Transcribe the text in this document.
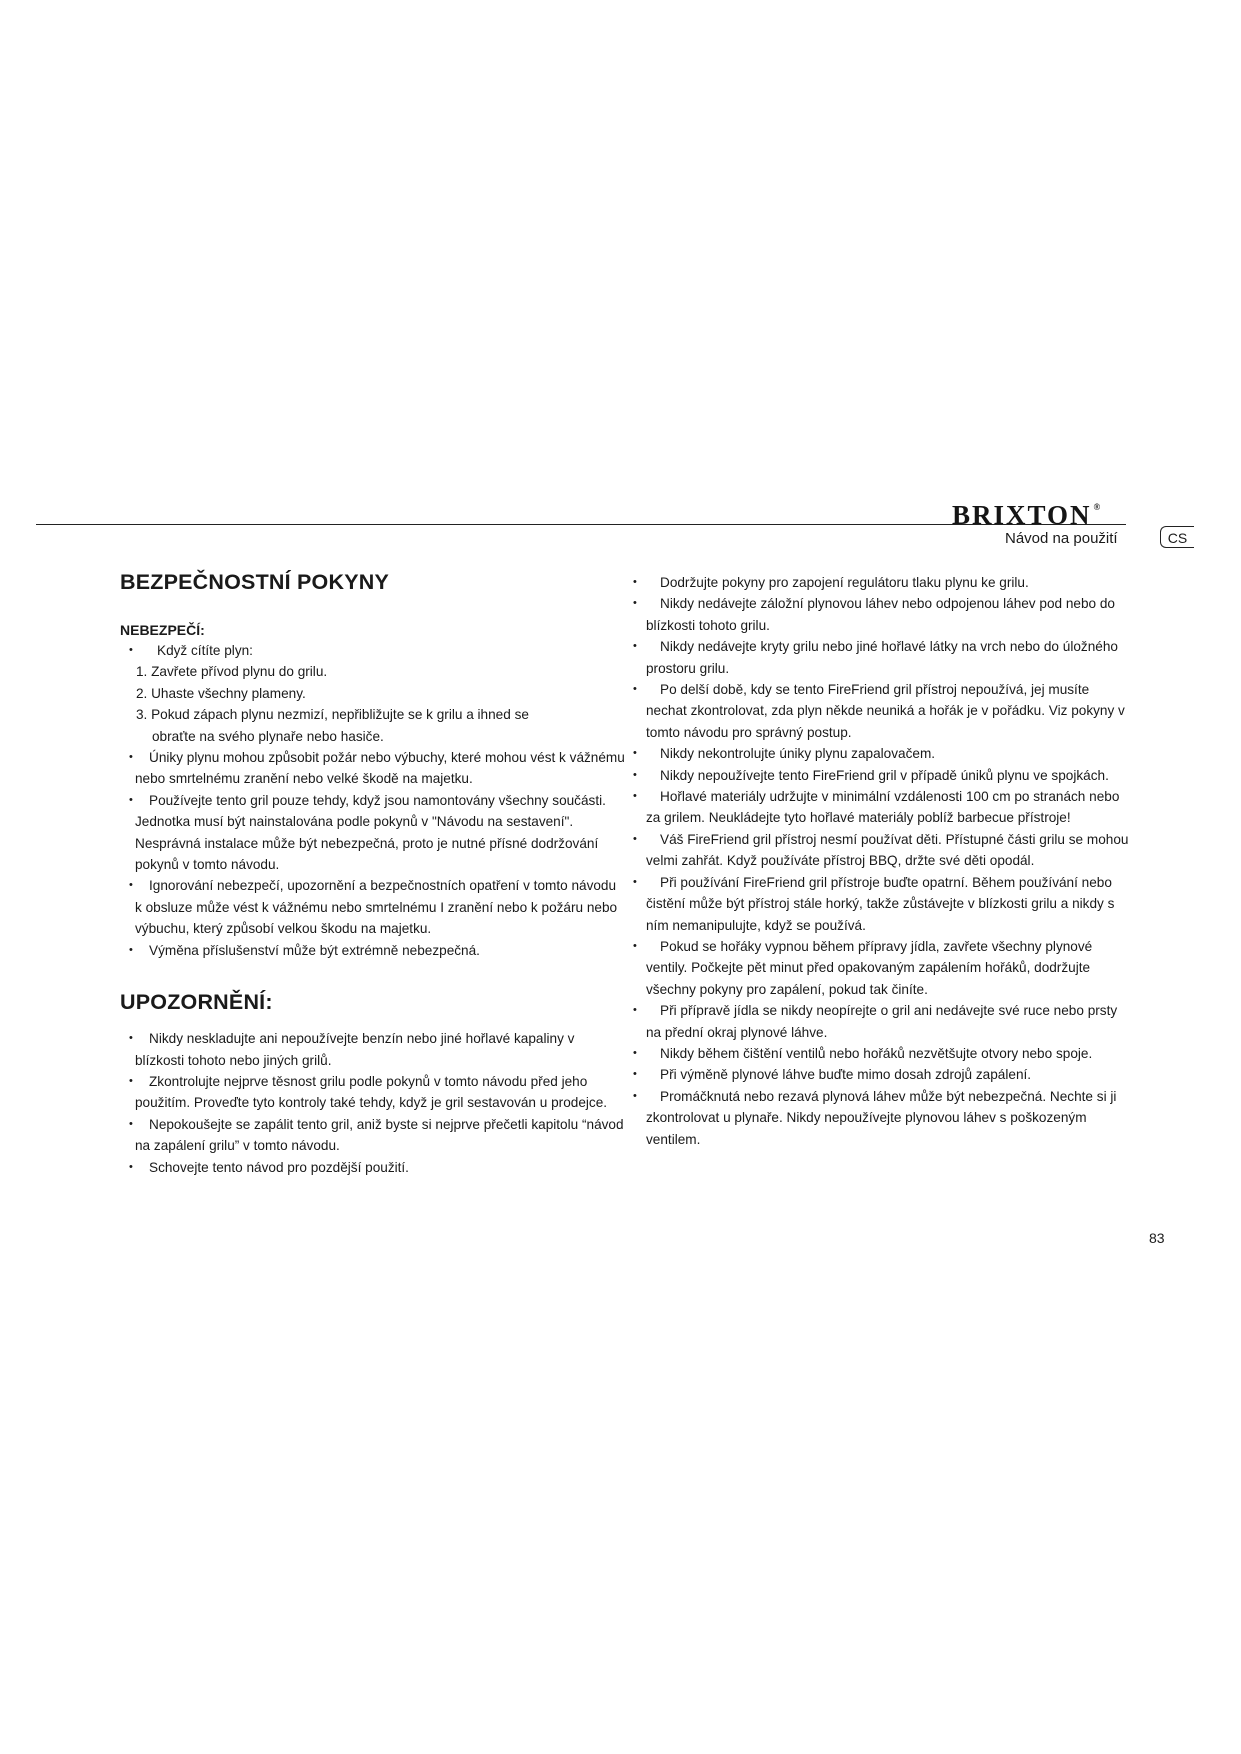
BRIXTON ®
Návod na použití	CS
BEZPEČNOSTNÍ POKYNY
NEBEZPEČÍ:
• Když cítíte plyn:
1. Zavřete přívod plynu do grilu.
2. Uhaste všechny plameny.
3. Pokud zápach plynu nezmizí, nepřibližujte se k grilu a ihned se
obraťte na svého plynaře nebo hasiče.
• Úniky plynu mohou způsobit požár nebo výbuchy, které mohou vést k vážnému nebo smrtelnému zranění nebo velké škodě na majetku.
• Používejte tento gril pouze tehdy, když jsou namontovány všechny součásti. Jednotka musí být nainstalována podle pokynů v "Návodu na sestavení". Nesprávná instalace může být nebezpečná, proto je nutné přísné dodržování pokynů v tomto návodu.
• Ignorování nebezpečí, upozornění a bezpečnostních opatření v tomto návodu k obsluze může vést k vážnému nebo smrtelnému I zranění nebo k požáru nebo výbuchu, který způsobí velkou škodu na majetku.
• Výměna příslušenství může být extrémně nebezpečná.
UPOZORNĚNÍ:
• Nikdy neskladujte ani nepoužívejte benzín nebo jiné hořlavé kapaliny v blízkosti tohoto nebo jiných grilů.
• Zkontrolujte nejprve těsnost grilu podle pokynů v tomto návodu před jeho použitím. Proveďte tyto kontroly také tehdy, když je gril sestavován u prodejce.
• Nepokoušejte se zapálit tento gril, aniž byste si nejprve přečetli kapitolu “návod na zapálení grilu” v tomto návodu.
• Schovejte tento návod pro pozdější použití.
• Dodržujte pokyny pro zapojení regulátoru tlaku plynu ke grilu.
• Nikdy nedávejte záložní plynovou láhev nebo odpojenou láhev pod nebo do blízkosti tohoto grilu.
• Nikdy nedávejte kryty grilu nebo jiné hořlavé látky na vrch nebo do úložného prostoru grilu.
• Po delší době, kdy se tento FireFriend gril přístroj nepoužívá, jej musíte nechat zkontrolovat, zda plyn někde neuniká a hořák je v pořádku. Viz pokyny v tomto návodu pro správný postup.
• Nikdy nekontrolujte úniky plynu zapalovačem.
• Nikdy nepoužívejte tento FireFriend gril v případě úniků plynu ve spojkách.
• Hořlavé materiály udržujte v minimální vzdálenosti 100 cm po stranách nebo za grilem. Neukládejte tyto hořlavé materiály poblíž barbecue přístroje!
• Váš FireFriend gril přístroj nesmí používat děti. Přístupné části grilu se mohou velmi zahřát. Když používáte přístroj BBQ, držte své děti opodál.
• Při používání FireFriend gril přístroje buďte opatrní. Během používání nebo čistění může být přístroj stále horký, takže zůstávejte v blízkosti grilu a nikdy s ním nemanipulujte, když se používá.
• Pokud se hořáky vypnou během přípravy jídla, zavřete všechny plynové ventily. Počkejte pět minut před opakovaným zapálením hořáků, dodržujte všechny pokyny pro zapálení, pokud tak činíte.
• Při přípravě jídla se nikdy neopírejte o gril ani nedávejte své ruce nebo prsty na přední okraj plynové láhve.
• Nikdy během čištění ventilů nebo hořáků nezvětšujte otvory nebo spoje.
• Při výměně plynové láhve buďte mimo dosah zdrojů zapálení.
• Promáčknutá nebo rezavá plynová láhev může být nebezpečná. Nechte si ji zkontrolovat u plynaře. Nikdy nepoužívejte plynovou láhev s poškozeným ventilem.
83
